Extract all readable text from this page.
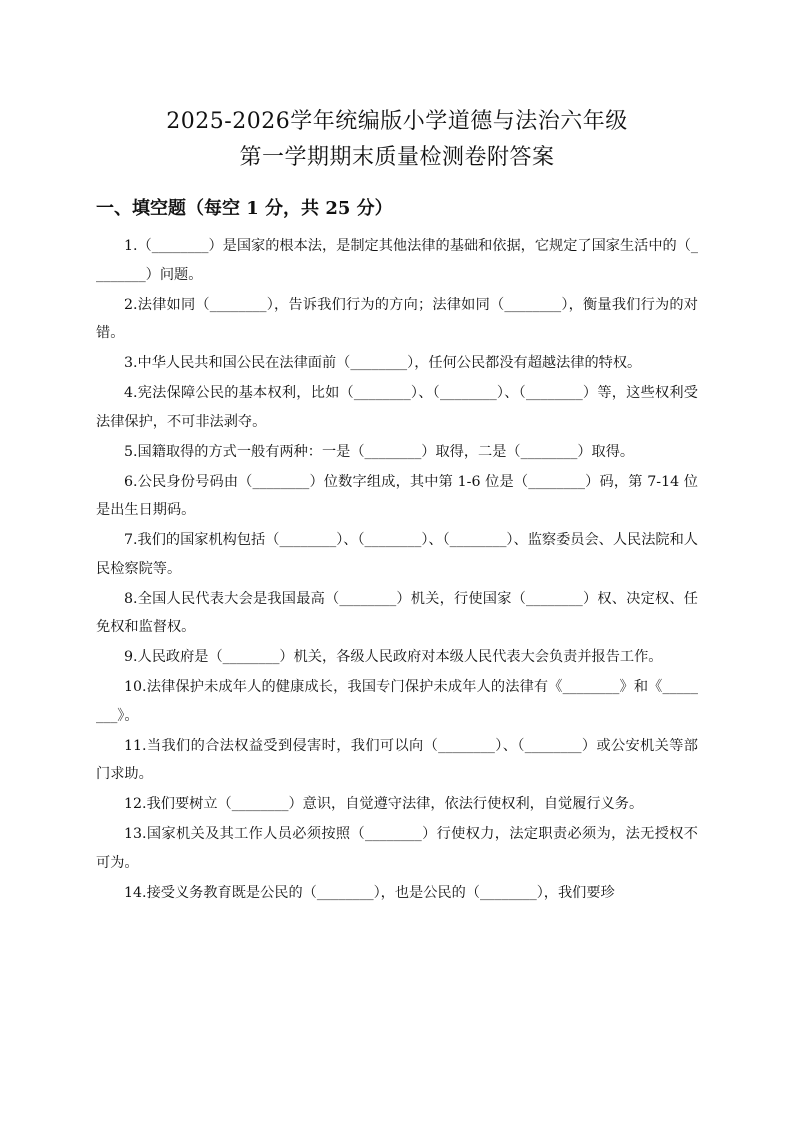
2025-2026学年统编版小学道德与法治六年级
第一学期期末质量检测卷附答案
一、填空题（每空 1 分，共 25 分）

1.（________）是国家的根本法，是制定其他法律的基础和依据，它规定了国家生活中的（________）问题。

2.法律如同（________），告诉我们行为的方向；法律如同（________），衡量我们行为的对错。

3.中华人民共和国公民在法律面前（________），任何公民都没有超越法律的特权。

4.宪法保障公民的基本权利，比如（________）、（________）、（________）等，这些权利受法律保护，不可非法剥夺。

5.国籍取得的方式一般有两种：一是（________）取得，二是（________）取得。

6.公民身份号码由（________）位数字组成，其中第 1-6 位是（________）码，第 7-14 位是出生日期码。

7.我们的国家机构包括（________）、（________）、（________）、监察委员会、人民法院和人民检察院等。

8.全国人民代表大会是我国最高（________）机关，行使国家（________）权、决定权、任免权和监督权。

9.人民政府是（________）机关，各级人民政府对本级人民代表大会负责并报告工作。

10.法律保护未成年人的健康成长，我国专门保护未成年人的法律有《________》和《________》。

11.当我们的合法权益受到侵害时，我们可以向（________）、（________）或公安机关等部门求助。

12.我们要树立（________）意识，自觉遵守法律，依法行使权利，自觉履行义务。

13.国家机关及其工作人员必须按照（________）行使权力，法定职责必须为，法无授权不可为。

14.接受义务教育既是公民的（________），也是公民的（________），我们要珍
